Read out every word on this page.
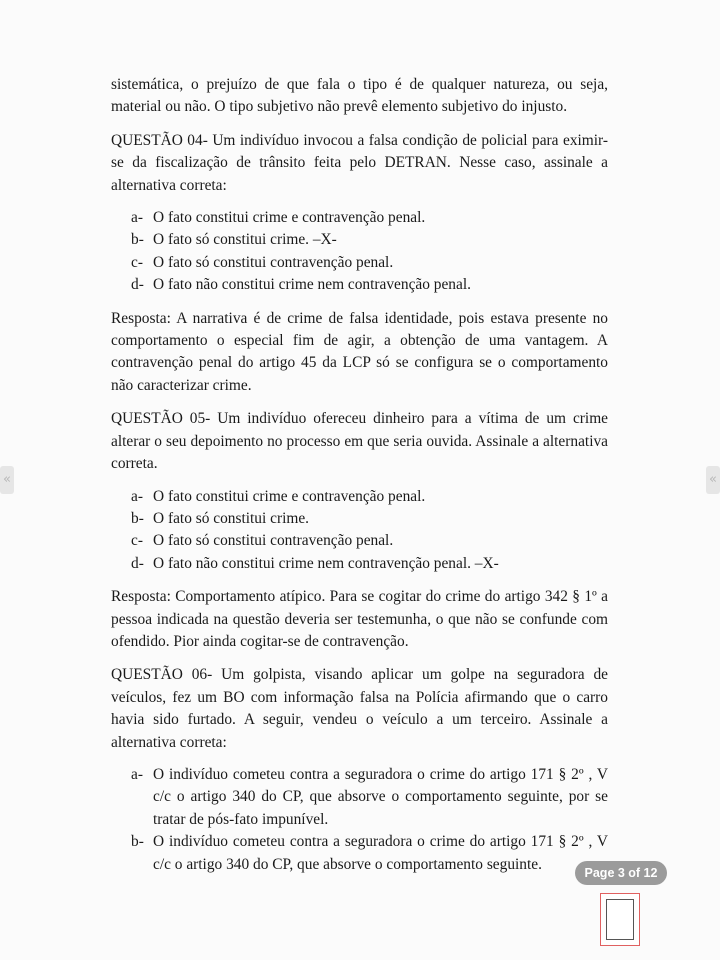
sistemática, o prejuízo de que fala o tipo é de qualquer natureza, ou seja, material ou não. O tipo subjetivo não prevê elemento subjetivo do injusto.

QUESTÃO 04- Um indivíduo invocou a falsa condição de policial para eximir-se da fiscalização de trânsito feita pelo DETRAN. Nesse caso, assinale a alternativa correta:

a- O fato constitui crime e contravenção penal.
b- O fato só constitui crime. –X-
c- O fato só constitui contravenção penal.
d- O fato não constitui crime nem contravenção penal.

Resposta: A narrativa é de crime de falsa identidade, pois estava presente no comportamento o especial fim de agir, a obtenção de uma vantagem. A contravenção penal do artigo 45 da LCP só se configura se o comportamento não caracterizar crime.

QUESTÃO 05- Um indivíduo ofereceu dinheiro para a vítima de um crime alterar o seu depoimento no processo em que seria ouvida. Assinale a alternativa correta.

a- O fato constitui crime e contravenção penal.
b- O fato só constitui crime.
c- O fato só constitui contravenção penal.
d- O fato não constitui crime nem contravenção penal. –X-

Resposta: Comportamento atípico. Para se cogitar do crime do artigo 342 § 1º a pessoa indicada na questão deveria ser testemunha, o que não se confunde com ofendido. Pior ainda cogitar-se de contravenção.

QUESTÃO 06- Um golpista, visando aplicar um golpe na seguradora de veículos, fez um BO com informação falsa na Polícia afirmando que o carro havia sido furtado. A seguir, vendeu o veículo a um terceiro. Assinale a alternativa correta:

a- O indivíduo cometeu contra a seguradora o crime do artigo 171 § 2º , V c/c o artigo 340 do CP, que absorve o comportamento seguinte, por se tratar de pós-fato impunível.
b- O indivíduo cometeu contra a seguradora o crime do artigo 171 § 2º , V c/c o artigo 340 do CP, que absorve o comportamento seguinte.
«	«
Page 3 of 12
